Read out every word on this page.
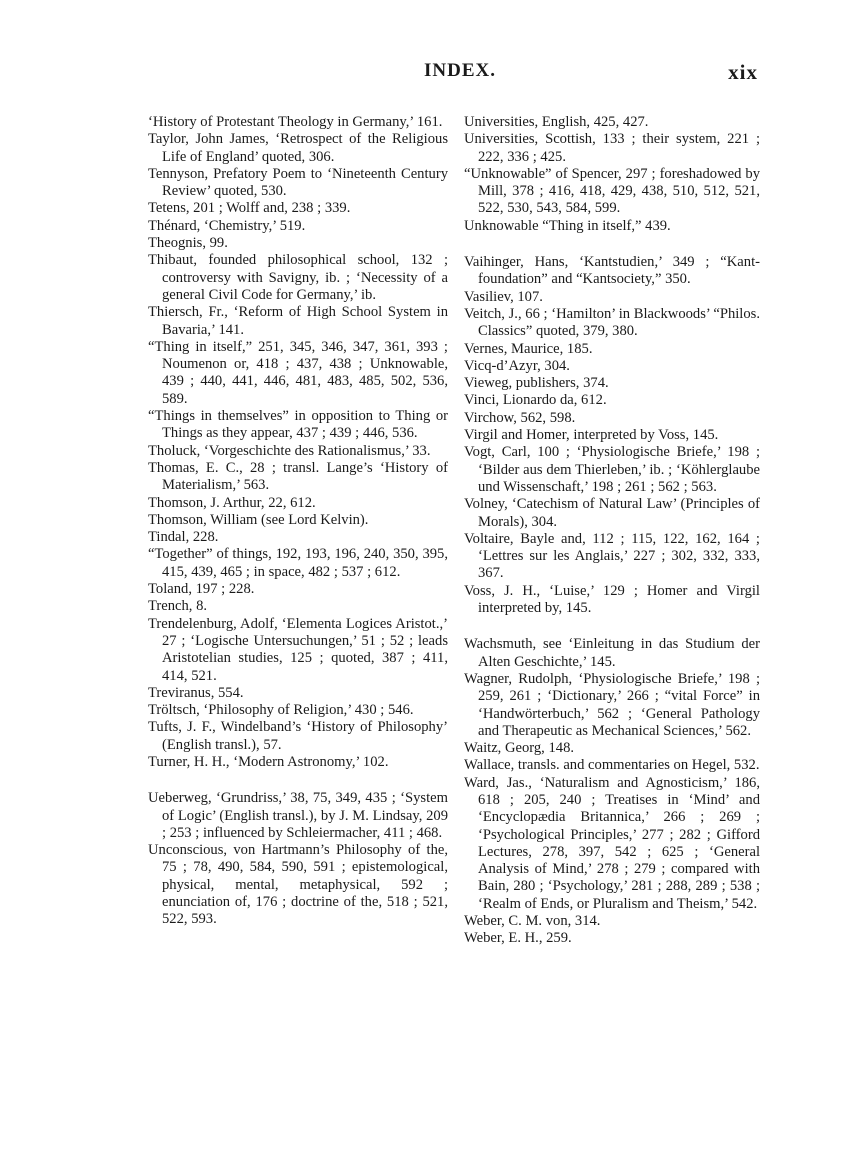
INDEX.	xix

‘History of Protestant Theology in Germany,’ 161.

Taylor, John James, ‘Retrospect of the Religious Life of England’ quoted, 306.

Tennyson, Prefatory Poem to ‘Nineteenth Century Review’ quoted, 530.

Tetens, 201 ; Wolff and, 238 ; 339.

Thénard, ‘Chemistry,’ 519.

Theognis, 99.

Thibaut, founded philosophical school, 132 ; controversy with Savigny, ib. ; ‘Necessity of a general Civil Code for Germany,’ ib.

Thiersch, Fr., ‘Reform of High School System in Bavaria,’ 141.

“Thing in itself,” 251, 345, 346, 347, 361, 393 ; Noumenon or, 418 ; 437, 438 ; Unknowable, 439 ; 440, 441, 446, 481, 483, 485, 502, 536, 589.

“Things in themselves” in opposition to Thing or Things as they appear, 437 ; 439 ; 446, 536.

Tholuck, ‘Vorgeschichte des Rationalismus,’ 33.

Thomas, E. C., 28 ; transl. Lange’s ‘History of Materialism,’ 563.

Thomson, J. Arthur, 22, 612.

Thomson, William (see Lord Kelvin).

Tindal, 228.

“Together” of things, 192, 193, 196, 240, 350, 395, 415, 439, 465 ; in space, 482 ; 537 ; 612.

Toland, 197 ; 228.

Trench, 8.

Trendelenburg, Adolf, ‘Elementa Logices Aristot.,’ 27 ; ‘Logische Untersuchungen,’ 51 ; 52 ; leads Aristotelian studies, 125 ; quoted, 387 ; 411, 414, 521.

Treviranus, 554.

Tröltsch, ‘Philosophy of Religion,’ 430 ; 546.

Tufts, J. F., Windelband’s ‘History of Philosophy’ (English transl.), 57.

Turner, H. H., ‘Modern Astronomy,’ 102.

Ueberweg, ‘Grundriss,’ 38, 75, 349, 435 ; ‘System of Logic’ (English transl.), by J. M. Lindsay, 209 ; 253 ; influenced by Schleiermacher, 411 ; 468.

Unconscious, von Hartmann’s Philosophy of the, 75 ; 78, 490, 584, 590, 591 ; epistemological, physical, mental, metaphysical, 592 ; enunciation of, 176 ; doctrine of the, 518 ; 521, 522, 593.

Universities, English, 425, 427.

Universities, Scottish, 133 ; their system, 221 ; 222, 336 ; 425.

“Unknowable” of Spencer, 297 ; foreshadowed by Mill, 378 ; 416, 418, 429, 438, 510, 512, 521, 522, 530, 543, 584, 599.

Unknowable “Thing in itself,” 439.

Vaihinger, Hans, ‘Kantstudien,’ 349 ; “Kant-foundation” and “Kantsociety,” 350.

Vasiliev, 107.

Veitch, J., 66 ; ‘Hamilton’ in Blackwoods’ “Philos. Classics” quoted, 379, 380.

Vernes, Maurice, 185.

Vicq-d’Azyr, 304.

Vieweg, publishers, 374.

Vinci, Lionardo da, 612.

Virchow, 562, 598.

Virgil and Homer, interpreted by Voss, 145.

Vogt, Carl, 100 ; ‘Physiologische Briefe,’ 198 ; ‘Bilder aus dem Thierleben,’ ib. ; ‘Köhlerglaube und Wissenschaft,’ 198 ; 261 ; 562 ; 563.

Volney, ‘Catechism of Natural Law’ (Principles of Morals), 304.

Voltaire, Bayle and, 112 ; 115, 122, 162, 164 ; ‘Lettres sur les Anglais,’ 227 ; 302, 332, 333, 367.

Voss, J. H., ‘Luise,’ 129 ; Homer and Virgil interpreted by, 145.

Wachsmuth, see ‘Einleitung in das Studium der Alten Geschichte,’ 145.

Wagner, Rudolph, ‘Physiologische Briefe,’ 198 ; 259, 261 ; ‘Dictionary,’ 266 ; “vital Force” in ‘Handwörterbuch,’ 562 ; ‘General Pathology and Therapeutic as Mechanical Sciences,’ 562.

Waitz, Georg, 148.

Wallace, transls. and commentaries on Hegel, 532.

Ward, Jas., ‘Naturalism and Agnosticism,’ 186, 618 ; 205, 240 ; Treatises in ‘Mind’ and ‘Encyclopædia Britannica,’ 266 ; 269 ; ‘Psychological Principles,’ 277 ; 282 ; Gifford Lectures, 278, 397, 542 ; 625 ; ‘General Analysis of Mind,’ 278 ; 279 ; compared with Bain, 280 ; ‘Psychology,’ 281 ; 288, 289 ; 538 ; ‘Realm of Ends, or Pluralism and Theism,’ 542.

Weber, C. M. von, 314.

Weber, E. H., 259.
